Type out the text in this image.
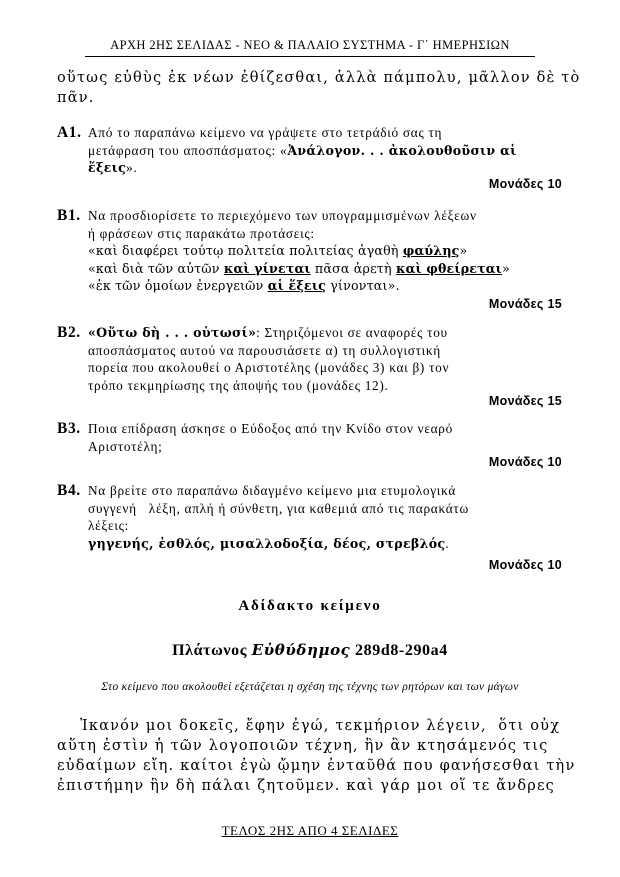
ΑΡΧΗ 2ΗΣ ΣΕΛΙΔΑΣ - ΝΕΟ & ΠΑΛΑΙΟ ΣΥΣΤΗΜΑ - Γ΄ ΗΜΕΡΗΣΙΩΝ
οὕτως εὐθὺς ἐκ νέων ἐθίζεσθαι, ἀλλὰ πάμπολυ, μᾶλλον δὲ τὸ
πᾶν.
Α1. Από το παραπάνω κείμενο να γράψετε στο τετράδιό σας τη
μετάφραση του αποσπάσματος: «Ἀνάλογον. . . ἀκολουθοῦσιν αἱ
ἕξεις».
Μονάδες 10
Β1. Να προσδιορίσετε το περιεχόμενο των υπογραμμισμένων λέξεων
ή φράσεων στις παρακάτω προτάσεις:
«καὶ διαφέρει τούτῳ πολιτεία πολιτείας ἀγαθὴ φαύλης»
«καὶ διὰ τῶν αὐτῶν καὶ γίνεται πᾶσα ἀρετὴ καὶ φθείρεται»
«ἐκ τῶν ὁμοίων ἐνεργειῶν αἱ ἕξεις γίνονται».
Μονάδες 15
Β2. «Οὕτω δὴ . . . οὑτωσί»: Στηριζόμενοι σε αναφορές του
αποσπάσματος αυτού να παρουσιάσετε α) τη συλλογιστική
πορεία που ακολουθεί ο Αριστοτέλης (μονάδες 3) και β) τον
τρόπο τεκμηρίωσης της άποψής του (μονάδες 12).
Μονάδες 15
Β3. Ποια επίδραση άσκησε ο Εύδοξος από την Κνίδο στον νεαρό
Αριστοτέλη;
Μονάδες 10
Β4. Να βρείτε στο παραπάνω διδαγμένο κείμενο μια ετυμολογικά
συγγενή   λέξη, απλή ή σύνθετη, για καθεμιά από τις παρακάτω
λέξεις:
γηγενής, ἐσθλός, μισαλλοδοξία, δέος, στρεβλός.
Μονάδες 10
Αδίδακτο κείμενο
Πλάτωνος Εὐθύδημος 289d8-290a4
Στο κείμενο που ακολουθεί εξετάζεται η σχέση της τέχνης των ρητόρων και των μάγων
Ἱκανόν μοι δοκεῖς, ἔφην ἐγώ, τεκμήριον λέγειν,  ὅτι οὐχ
αὕτη ἐστὶν ἡ τῶν λογοποιῶν τέχνη, ἣν ἂν κτησάμενός τις
εὐδαίμων εἴη. καίτοι ἐγὼ ᾤμην ἐνταῦθά που φανήσεσθαι τὴν
ἐπιστήμην ἣν δὴ πάλαι ζητοῦμεν. καὶ γάρ μοι οἵ τε ἄνδρες
ΤΕΛΟΣ 2ΗΣ ΑΠΟ 4 ΣΕΛΙΔΕΣ
